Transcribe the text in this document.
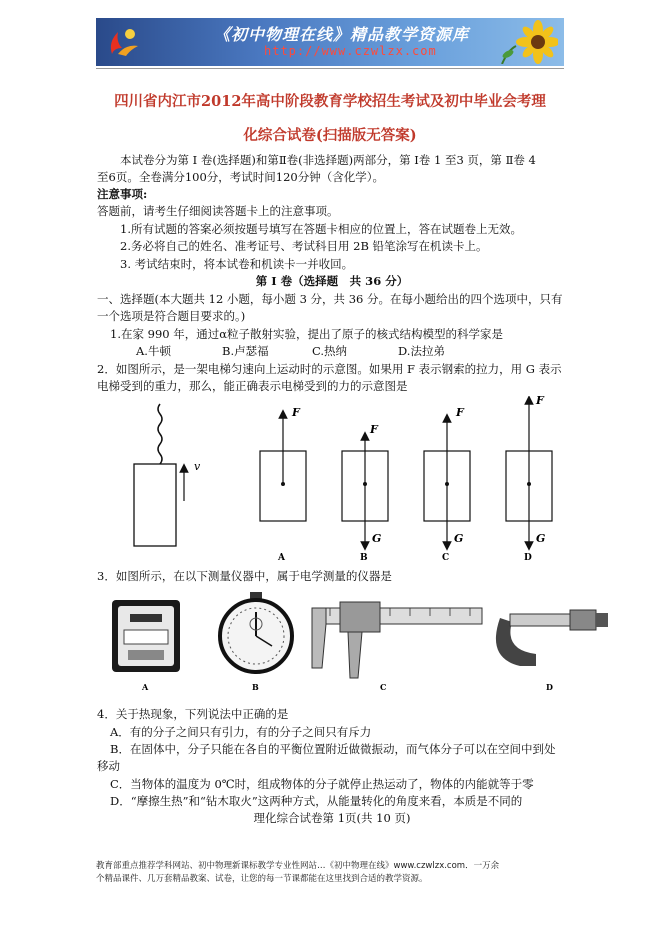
《初中物理在线》精品教学资源库
http://www.czwlzx.com
四川省内江市2012年高中阶段教育学校招生考试及初中毕业会考理
化综合试卷(扫描版无答案)
本试卷分为第 I 卷(选择题)和第Ⅱ卷(非选择题)两部分，第 I卷 1 至3 页，第 Ⅱ卷 4
至6页。全卷满分100分，考试时间120分钟（含化学）。
注意事项:
答题前，请考生仔细阅读答题卡上的注意事项。
1.所有试题的答案必须按题号填写在答题卡相应的位置上，答在试题卷上无效。
2.务必将自己的姓名、准考证号、考试科目用 2B 铅笔涂写在机读卡上。
3. 考试结束时，将本试卷和机读卡一并收回。
第 I 卷（选择题　共 36 分）
一、选择题(本大题共 12 小题，每小题 3 分，共 36 分。在每小题给出的四个选项中，只有
一个选项是符合题目要求的。)
1.在家 990 年，通过α粒子散射实验，提出了原子的核式结构模型的科学家是
A.牛顿	B.卢瑟福	C.热纳	D.法拉弟
2．如图所示，是一架电梯匀速向上运动时的示意图。如果用 F 表示钢索的拉力，用 G 表示
电梯受到的重力，那么，能正确表示电梯受到的力的示意图是
v
F
A
F
G
B
F
G
C
F
G
D
3．如图所示，在以下测量仪器中，属于电学测量的仪器是
A	B	C	D
4．关于热现象，下列说法中正确的是
A．有的分子之间只有引力，有的分子之间只有斥力
B．在固体中，分子只能在各自的平衡位置附近做微振动，而气体分子可以在空间中到处
移动
C．当物体的温度为 0℃时，组成物体的分子就停止热运动了，物体的内能就等于零
D．“摩擦生热”和“钻木取火”这两种方式，从能量转化的角度来看，本质是不同的
理化综合试卷第 1页(共 10 页)
教育部重点推荐学科网站、初中物理新课标教学专业性网站…《初中物理在线》www.czwlzx.com．一万余
个精品课件、几万套精品教案、试卷，让您的每一节课都能在这里找到合适的教学资源。
